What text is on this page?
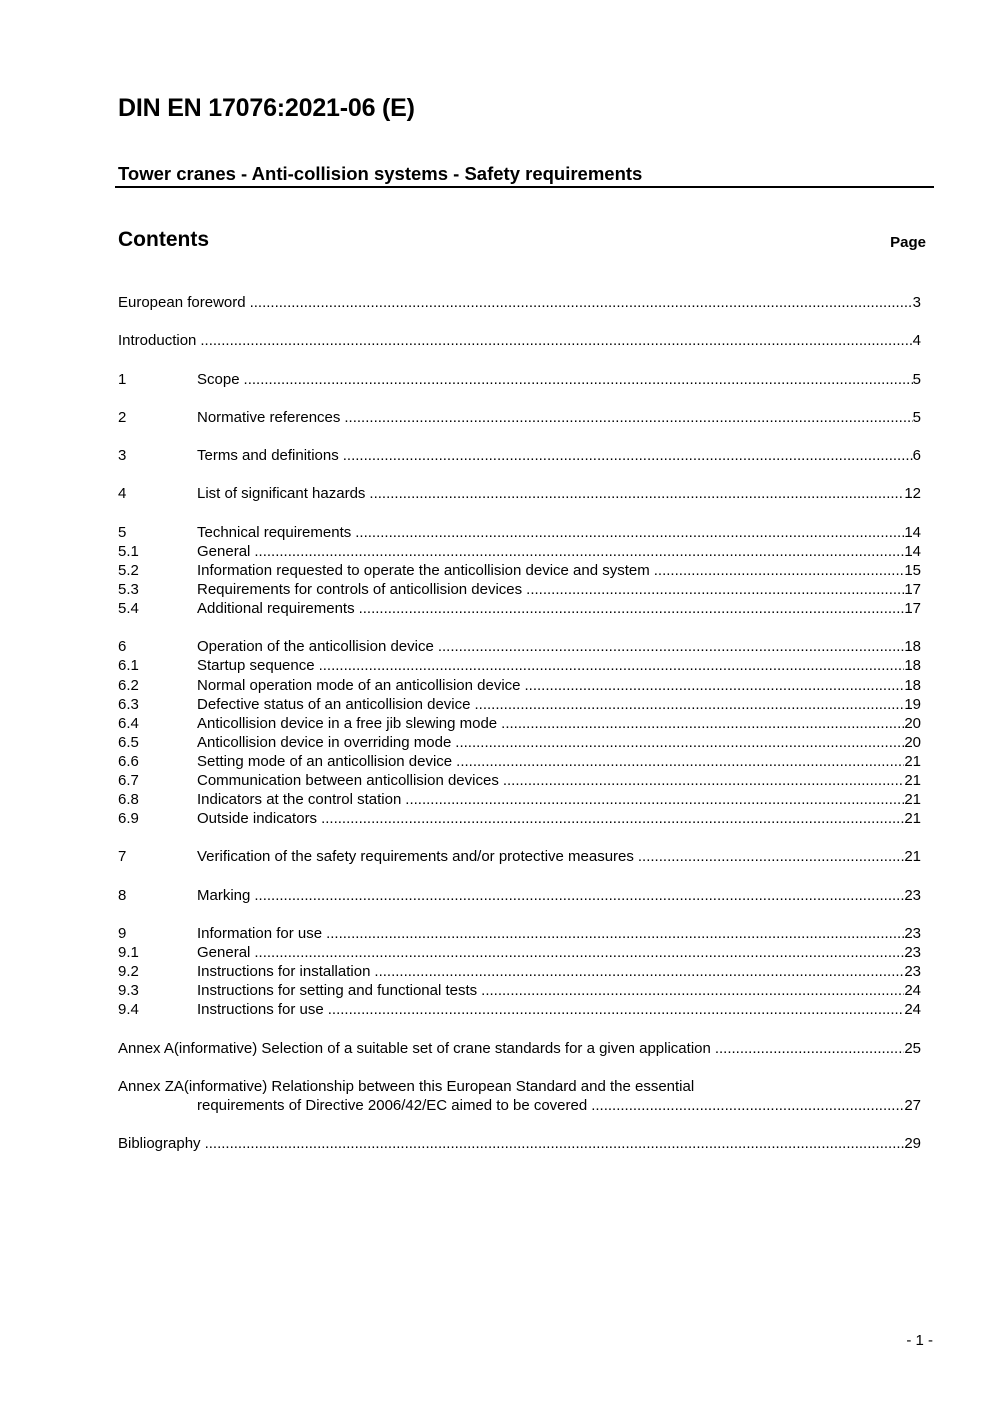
DIN EN 17076:2021-06 (E)
Tower cranes - Anti-collision systems - Safety requirements
Contents	Page
European foreword .....	3
Introduction .....	4
1	Scope .....	5
2	Normative references .....	5
3	Terms and definitions .....	6
4	List of significant hazards .....	12
5	Technical requirements .....	14
5.1	General .....	14
5.2	Information requested to operate the anticollision device and system .....	15
5.3	Requirements for controls of anticollision devices .....	17
5.4	Additional requirements .....	17
6	Operation of the anticollision device .....	18
6.1	Startup sequence .....	18
6.2	Normal operation mode of an anticollision device .....	18
6.3	Defective status of an anticollision device .....	19
6.4	Anticollision device in a free jib slewing mode .....	20
6.5	Anticollision device in overriding mode .....	20
6.6	Setting mode of an anticollision device .....	21
6.7	Communication between anticollision devices .....	21
6.8	Indicators at the control station .....	21
6.9	Outside indicators .....	21
7	Verification of the safety requirements and/or protective measures .....	21
8	Marking .....	23
9	Information for use .....	23
9.1	General .....	23
9.2	Instructions for installation .....	23
9.3	Instructions for setting and functional tests .....	24
9.4	Instructions for use .....	24
Annex A(informative) Selection of a suitable set of crane standards for a given application .....	25
Annex ZA(informative) Relationship between this European Standard and the essential
requirements of Directive 2006/42/EC aimed to be covered .....	27
Bibliography .....	29
- 1 -
